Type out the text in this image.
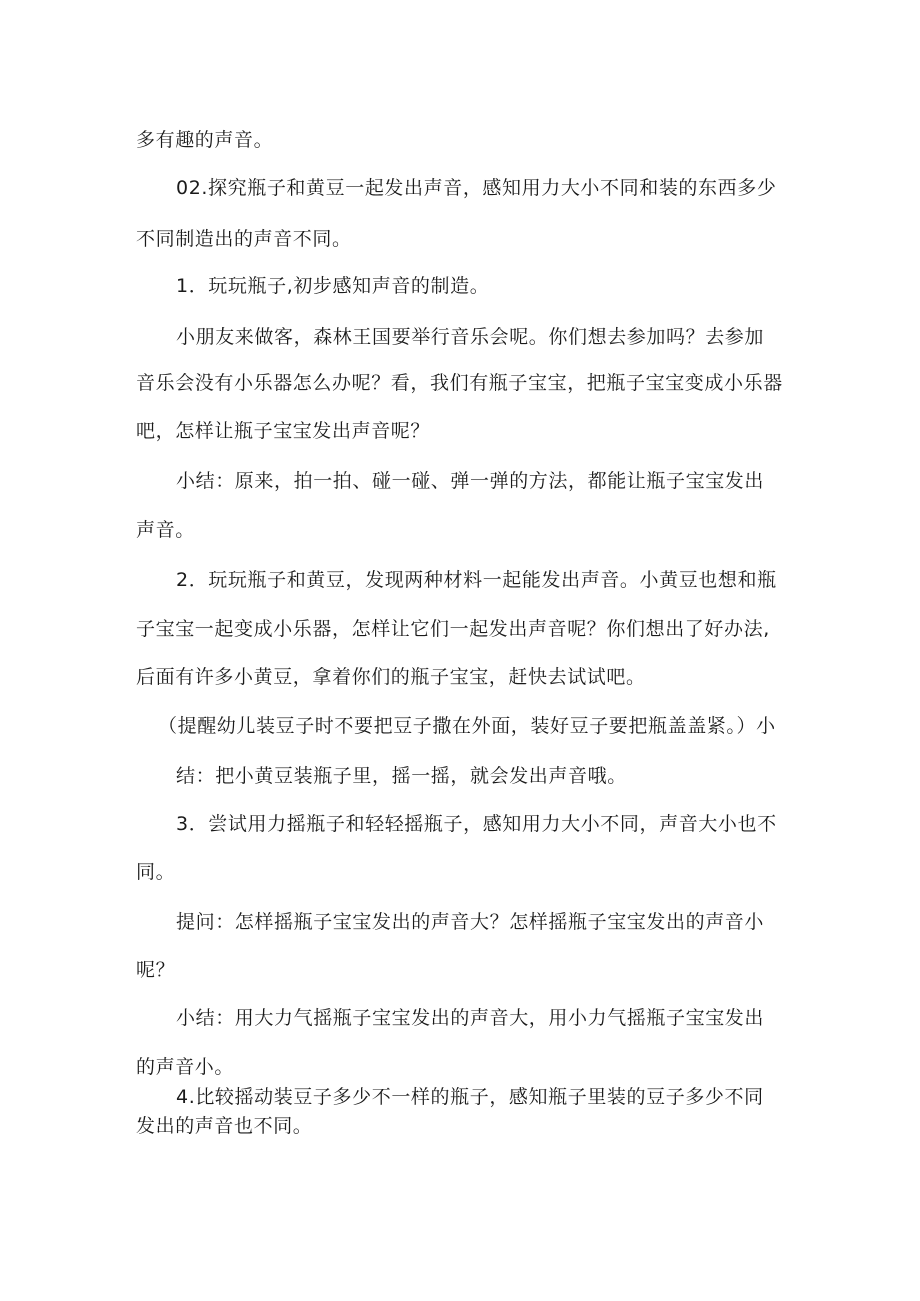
多有趣的声音。
02.探究瓶子和黄豆一起发出声音，感知用力大小不同和装的东西多少
不同制造出的声音不同。
1．玩玩瓶子,初步感知声音的制造。
小朋友来做客，森林王国要举行音乐会呢。你们想去参加吗？去参加
音乐会没有小乐器怎么办呢？看，我们有瓶子宝宝，把瓶子宝宝变成小乐器
吧，怎样让瓶子宝宝发出声音呢？
小结：原来，拍一拍、碰一碰、弹一弹的方法，都能让瓶子宝宝发出
声音。
2．玩玩瓶子和黄豆，发现两种材料一起能发出声音。小黄豆也想和瓶
子宝宝一起变成小乐器，怎样让它们一起发出声音呢？你们想出了好办法,
后面有许多小黄豆，拿着你们的瓶子宝宝，赶快去试试吧。
（提醒幼儿装豆子时不要把豆子撒在外面，装好豆子要把瓶盖盖紧。）小
结：把小黄豆装瓶子里，摇一摇，就会发出声音哦。
3．尝试用力摇瓶子和轻轻摇瓶子，感知用力大小不同，声音大小也不
同。
提问：怎样摇瓶子宝宝发出的声音大？怎样摇瓶子宝宝发出的声音小
呢？
小结：用大力气摇瓶子宝宝发出的声音大，用小力气摇瓶子宝宝发出
的声音小。
4.比较摇动装豆子多少不一样的瓶子，感知瓶子里装的豆子多少不同
发出的声音也不同。
